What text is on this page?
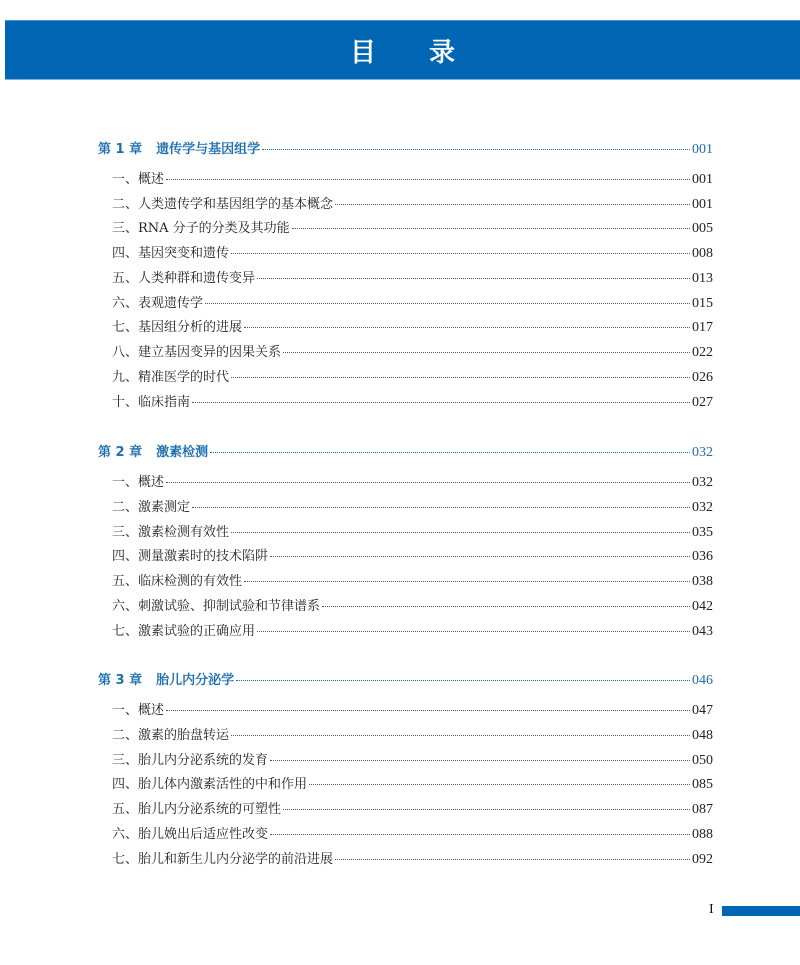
目 录
第 1 章 遗传学与基因组学	001
一、概述	001
二、人类遗传学和基因组学的基本概念	001
三、RNA 分子的分类及其功能	005
四、基因突变和遗传	008
五、人类种群和遗传变异	013
六、表观遗传学	015
七、基因组分析的进展	017
八、建立基因变异的因果关系	022
九、精准医学的时代	026
十、临床指南	027
第 2 章 激素检测	032
一、概述	032
二、激素测定	032
三、激素检测有效性	035
四、测量激素时的技术陷阱	036
五、临床检测的有效性	038
六、刺激试验、抑制试验和节律谱系	042
七、激素试验的正确应用	043
第 3 章 胎儿内分泌学	046
一、概述	047
二、激素的胎盘转运	048
三、胎儿内分泌系统的发育	050
四、胎儿体内激素活性的中和作用	085
五、胎儿内分泌系统的可塑性	087
六、胎儿娩出后适应性改变	088
七、胎儿和新生儿内分泌学的前沿进展	092
I
